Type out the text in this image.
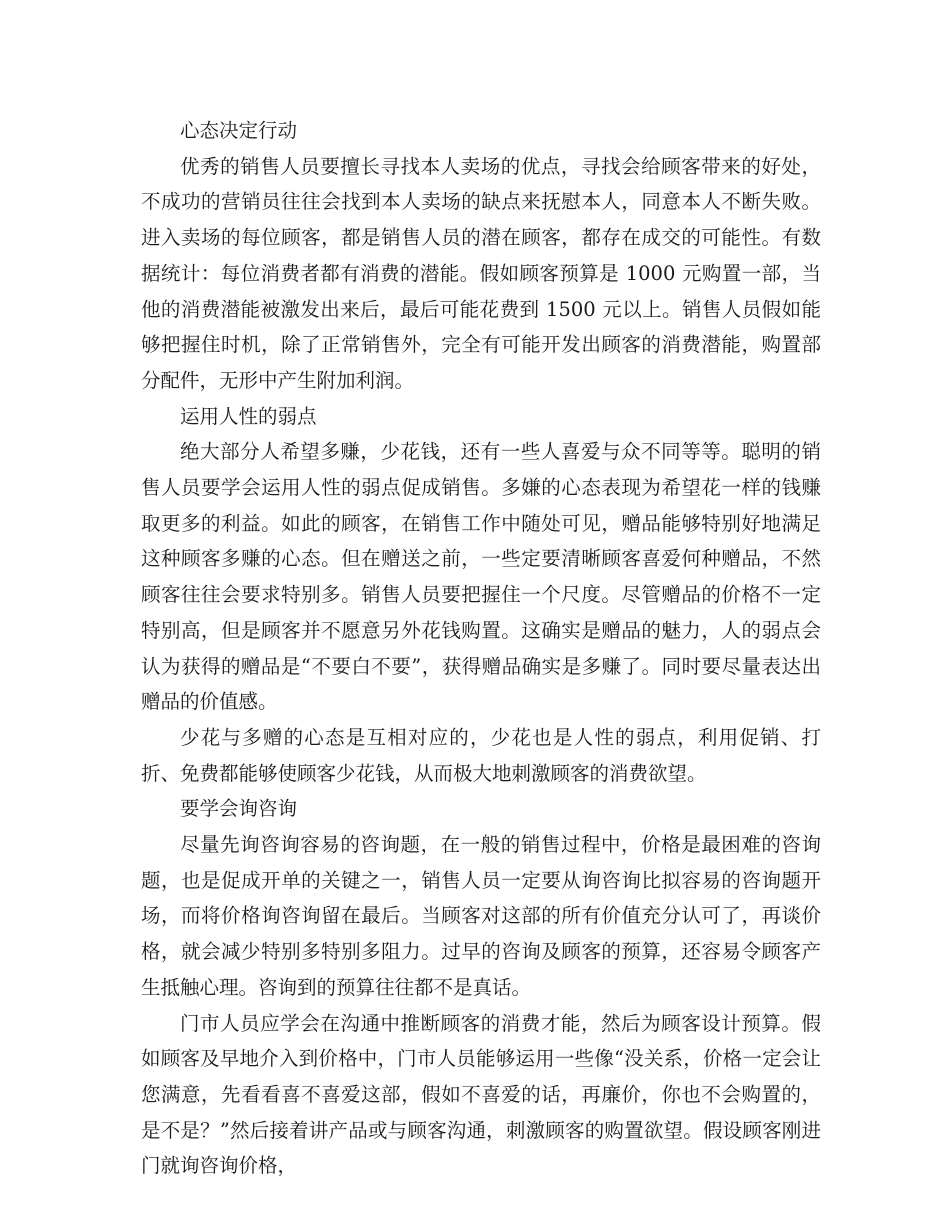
心态决定行动

优秀的销售人员要擅长寻找本人卖场的优点，寻找会给顾客带来的好处，不成功的营销员往往会找到本人卖场的缺点来抚慰本人，同意本人不断失败。进入卖场的每位顾客，都是销售人员的潜在顾客，都存在成交的可能性。有数据统计：每位消费者都有消费的潜能。假如顾客预算是 1000 元购置一部，当他的消费潜能被激发出来后，最后可能花费到 1500 元以上。销售人员假如能够把握住时机，除了正常销售外，完全有可能开发出顾客的消费潜能，购置部分配件，无形中产生附加利润。

运用人性的弱点

绝大部分人希望多赚，少花钱，还有一些人喜爱与众不同等等。聪明的销售人员要学会运用人性的弱点促成销售。多嫌的心态表现为希望花一样的钱赚取更多的利益。如此的顾客，在销售工作中随处可见，赠品能够特别好地满足这种顾客多赚的心态。但在赠送之前，一些定要清晰顾客喜爱何种赠品，不然顾客往往会要求特别多。销售人员要把握住一个尺度。尽管赠品的价格不一定特别高，但是顾客并不愿意另外花钱购置。这确实是赠品的魅力，人的弱点会认为获得的赠品是“不要白不要”，获得赠品确实是多赚了。同时要尽量表达出赠品的价值感。

少花与多赠的心态是互相对应的，少花也是人性的弱点，利用促销、打折、免费都能够使顾客少花钱，从而极大地刺激顾客的消费欲望。

要学会询咨询

尽量先询咨询容易的咨询题，在一般的销售过程中，价格是最困难的咨询题，也是促成开单的关键之一，销售人员一定要从询咨询比拟容易的咨询题开场，而将价格询咨询留在最后。当顾客对这部的所有价值充分认可了，再谈价格，就会减少特别多特别多阻力。过早的咨询及顾客的预算，还容易令顾客产生抵触心理。咨询到的预算往往都不是真话。

门市人员应学会在沟通中推断顾客的消费才能，然后为顾客设计预算。假如顾客及早地介入到价格中，门市人员能够运用一些像“没关系，价格一定会让您满意，先看看喜不喜爱这部，假如不喜爱的话，再廉价，你也不会购置的，是不是？”然后接着讲产品或与顾客沟通，刺激顾客的购置欲望。假设顾客刚进门就询咨询价格，
